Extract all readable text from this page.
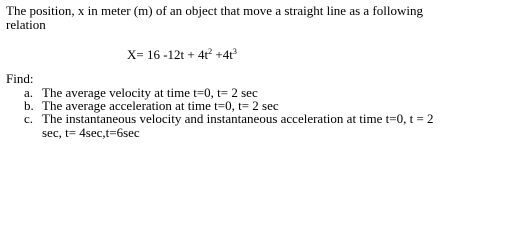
The position, x in meter (m) of an object that move a straight line as a following
relation
X= 16 $-12t + 4t^2 +4t^3$
Find:
a. The average velocity at time t=0, t= 2 sec
b. The average acceleration at time t=0, t= 2 sec
c. The instantaneous velocity and instantaneous acceleration at time t=0, t = 2
sec, t= 4sec,t=6sec
